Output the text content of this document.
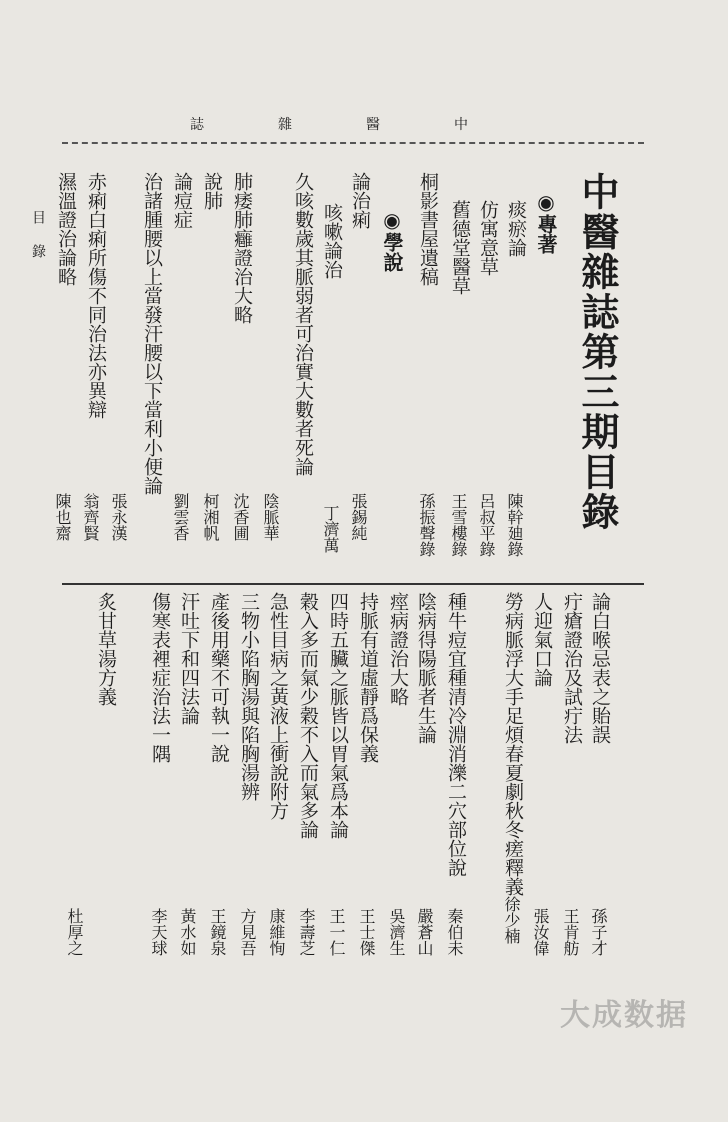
誌	雜	醫	中
中醫雜誌第三期目錄
◉專著
痰瘀論
陳幹廸錄
仿寓意草
呂叔平錄
舊德堂醫草
王雪樓錄
桐影書屋遺稿
孫振聲錄
◉學說
論治痢
張錫純
咳嗽論治
丁濟萬
久咳數歲其脈弱者可治實大數者死論
陰脈華
肺痿肺癰證治大略
沈香圃
說肺
柯湘帆
論痘症
劉雲香
治諸腫腰以上當發汗腰以下當利小便論
張永漢
赤痢白痢所傷不同治法亦異辯
翁齊賢
濕溫證治論略
陳也齋
論白喉忌表之貽誤
孫子才
疔瘡證治及試疔法
王肯舫
人迎氣口論
張汝偉
勞病脈浮大手足煩春夏劇秋冬瘥釋義
徐少楠
種牛痘宜種清冷淵消濼二穴部位說
嚴蒼山
陰病得陽脈者生論
秦伯未
痙病證治大略
吳濟生
持脈有道虛靜爲保義
王士傑
四時五臟之脈皆以胃氣爲本論
王一仁
穀入多而氣少穀不入而氣多論
李壽芝
急性目病之黃液上衝說附方
康維恂
三物小陷胸湯與陷胸湯辨
方見吾
產後用藥不可執一說
王鏡泉
汗吐下和四法論
黃水如
傷寒表裡症治法一隅
李天球
炙甘草湯方義
杜厚之
目錄
大成数据
